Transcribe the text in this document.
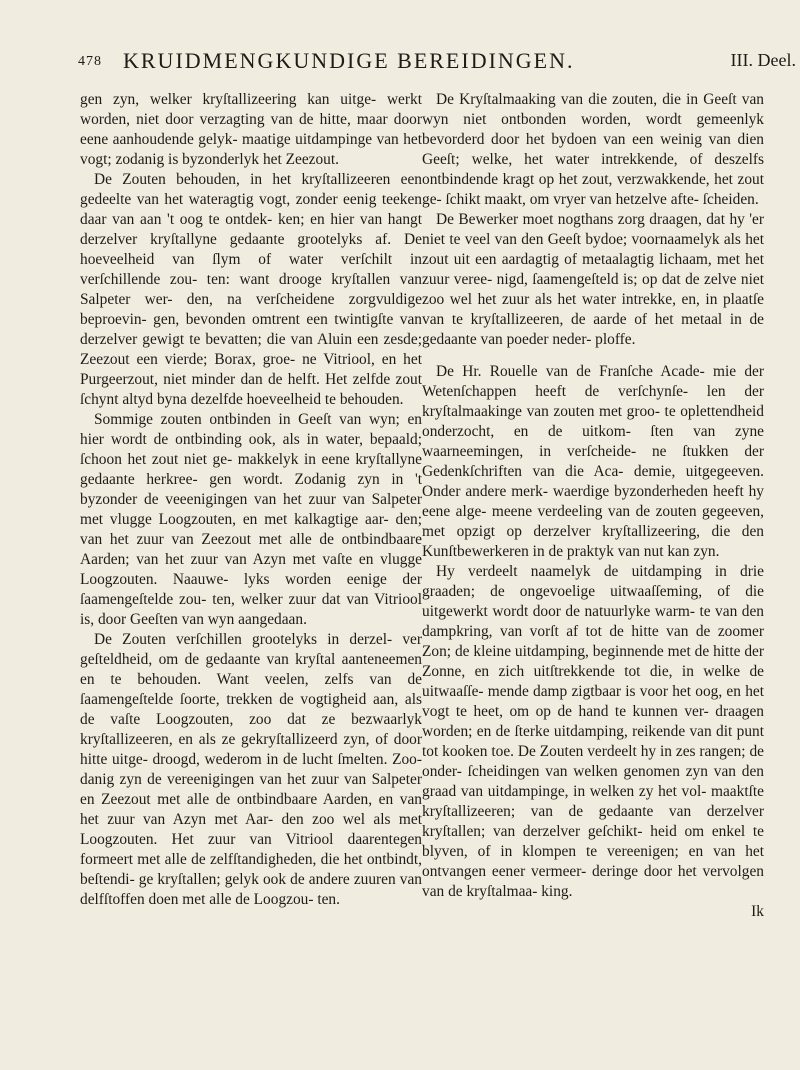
478 KRUIDMENGKUNDIGE BEREIDINGEN.	III. Deel.

gen zyn, welker kryſtallizeering kan uitge- werkt worden, niet door verzagting van de hitte, maar door eene aanhoudende gelyk- maatige uitdampinge van het vogt; zodanig is byzonderlyk het Zeezout.

De Zouten behouden, in het kryſtallizeeren een gedeelte van het wateragtig vogt, zonder eenig teeken daar van aan 't oog te ontdek- ken; en hier van hangt derzelver kryſtallyne gedaante grootelyks af. De hoeveelheid van ſlym of water verſchilt in verſchillende zou- ten: want drooge kryſtallen van Salpeter wer- den, na verſcheidene zorgvuldige beproevin- gen, bevonden omtrent een twintigſte van derzelver gewigt te bevatten; die van Aluin een zesde; Zeezout een vierde; Borax, groe- ne Vitriool, en het Purgeerzout, niet minder dan de helft. Het zelfde zout ſchynt altyd byna dezelfde hoeveelheid te behouden.

Sommige zouten ontbinden in Geeſt van wyn; en hier wordt de ontbinding ook, als in water, bepaald; ſchoon het zout niet ge- makkelyk in eene kryſtallyne gedaante herkree- gen wordt. Zodanig zyn in 't byzonder de veeenigingen van het zuur van Salpeter met vlugge Loogzouten, en met kalkagtige aar- den; van het zuur van Zeezout met alle de ontbindbaare Aarden; van het zuur van Azyn met vaſte en vlugge Loogzouten. Naauwe- lyks worden eenige der ſaamengeſtelde zou- ten, welker zuur dat van Vitriool is, door Geeſten van wyn aangedaan.

De Zouten verſchillen grootelyks in derzel- ver geſteldheid, om de gedaante van kryſtal aanteneemen en te behouden. Want veelen, zelfs van de ſaamengeſtelde ſoorte, trekken de vogtigheid aan, als de vaſte Loogzouten, zoo dat ze bezwaarlyk kryſtallizeeren, en als ze gekryſtallizeerd zyn, of door hitte uitge- droogd, wederom in de lucht ſmelten. Zoo- danig zyn de vereenigingen van het zuur van Salpeter en Zeezout met alle de ontbindbaare Aarden, en van het zuur van Azyn met Aar- den zoo wel als met Loogzouten. Het zuur van Vitriool daarentegen formeert met alle de zelfſtandigheden, die het ontbindt, beſtendi- ge kryſtallen; gelyk ook de andere zuuren van delfſtoffen doen met alle de Loogzou- ten.

De Kryſtalmaaking van die zouten, die in Geeſt van wyn niet ontbonden worden, wordt gemeenlyk bevorderd door het bydoen van een weinig van dien Geeſt; welke, het water intrekkende, of deszelfs ontbindende kragt op het zout, verzwakkende, het zout ge- ſchikt maakt, om vryer van hetzelve afte- ſcheiden.

De Bewerker moet nogthans zorg draagen, dat hy 'er niet te veel van den Geeſt bydoe; voornaamelyk als het zout uit een aardagtig of metaalagtig lichaam, met het zuur veree- nigd, ſaamengeſteld is; op dat de zelve niet zoo wel het zuur als het water intrekke, en, in plaatſe van te kryſtallizeeren, de aarde of het metaal in de gedaante van poeder neder- ploffe.

De Hr. Rouelle van de Franſche Acade- mie der Wetenſchappen heeft de verſchynſe- len der kryſtalmaakinge van zouten met groo- te oplettendheid onderzocht, en de uitkom- ſten van zyne waarneemingen, in verſcheide- ne ſtukken der Gedenkſchriften van die Aca- demie, uitgegeeven. Onder andere merk- waerdige byzonderheden heeft hy eene alge- meene verdeeling van de zouten gegeeven, met opzigt op derzelver kryſtallizeering, die den Kunſtbewerkeren in de praktyk van nut kan zyn.

Hy verdeelt naamelyk de uitdamping in drie graaden; de ongevoelige uitwaaſſeming, of die uitgewerkt wordt door de natuurlyke warm- te van den dampkring, van vorſt af tot de hitte van de zoomer Zon; de kleine uitdamping, beginnende met de hitte der Zonne, en zich uitſtrekkende tot die, in welke de uitwaaſſe- mende damp zigtbaar is voor het oog, en het vogt te heet, om op de hand te kunnen ver- draagen worden; en de ſterke uitdamping, reikende van dit punt tot kooken toe. De Zouten verdeelt hy in zes rangen; de onder- ſcheidingen van welken genomen zyn van den graad van uitdampinge, in welken zy het vol- maaktſte kryſtallizeeren; van de gedaante van derzelver kryſtallen; van derzelver geſchikt- heid om enkel te blyven, of in klompen te vereenigen; en van het ontvangen eener vermeer- deringe door het vervolgen van de kryſtalmaa- king.

Ik
